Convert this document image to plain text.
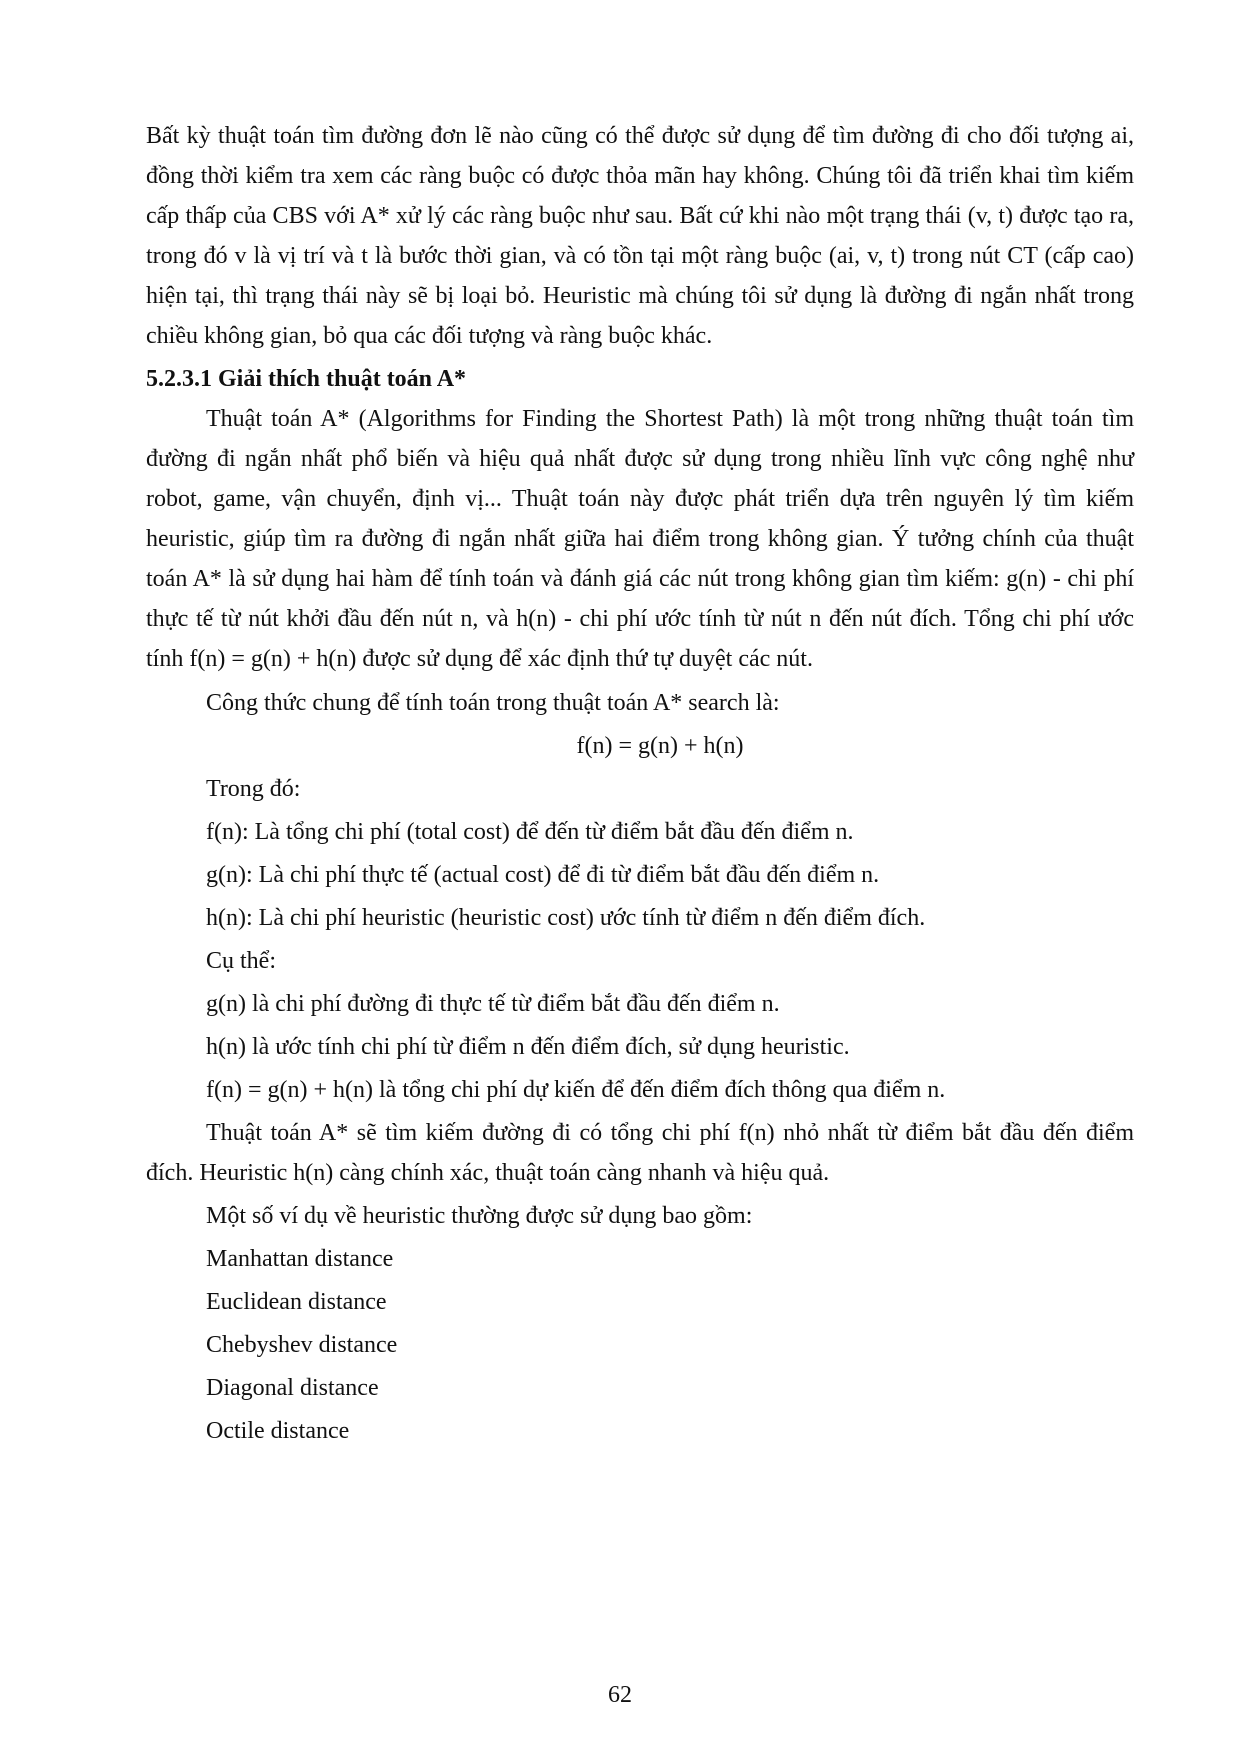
Bất kỳ thuật toán tìm đường đơn lẽ nào cũng có thể được sử dụng để tìm đường đi cho đối tượng ai, đồng thời kiểm tra xem các ràng buộc có được thỏa mãn hay không. Chúng tôi đã triển khai tìm kiếm cấp thấp của CBS với A* xử lý các ràng buộc như sau. Bất cứ khi nào một trạng thái (v, t) được tạo ra, trong đó v là vị trí và t là bước thời gian, và có tồn tại một ràng buộc (ai, v, t) trong nút CT (cấp cao) hiện tại, thì trạng thái này sẽ bị loại bỏ. Heuristic mà chúng tôi sử dụng là đường đi ngắn nhất trong chiều không gian, bỏ qua các đối tượng và ràng buộc khác.

5.2.3.1 Giải thích thuật toán A*

Thuật toán A* (Algorithms for Finding the Shortest Path) là một trong những thuật toán tìm đường đi ngắn nhất phổ biến và hiệu quả nhất được sử dụng trong nhiều lĩnh vực công nghệ như robot, game, vận chuyển, định vị... Thuật toán này được phát triển dựa trên nguyên lý tìm kiếm heuristic, giúp tìm ra đường đi ngắn nhất giữa hai điểm trong không gian. Ý tưởng chính của thuật toán A* là sử dụng hai hàm để tính toán và đánh giá các nút trong không gian tìm kiếm: g(n) - chi phí thực tế từ nút khởi đầu đến nút n, và h(n) - chi phí ước tính từ nút n đến nút đích. Tổng chi phí ước tính f(n) = g(n) + h(n) được sử dụng để xác định thứ tự duyệt các nút.

Công thức chung để tính toán trong thuật toán A* search là:

f(n) = g(n) + h(n)

Trong đó:

f(n): Là tổng chi phí (total cost) để đến từ điểm bắt đầu đến điểm n.

g(n): Là chi phí thực tế (actual cost) để đi từ điểm bắt đầu đến điểm n.

h(n): Là chi phí heuristic (heuristic cost) ước tính từ điểm n đến điểm đích.

Cụ thể:

g(n) là chi phí đường đi thực tế từ điểm bắt đầu đến điểm n.

h(n) là ước tính chi phí từ điểm n đến điểm đích, sử dụng heuristic.

f(n) = g(n) + h(n) là tổng chi phí dự kiến để đến điểm đích thông qua điểm n.

Thuật toán A* sẽ tìm kiếm đường đi có tổng chi phí f(n) nhỏ nhất từ điểm bắt đầu đến điểm đích. Heuristic h(n) càng chính xác, thuật toán càng nhanh và hiệu quả.

Một số ví dụ về heuristic thường được sử dụng bao gồm:

Manhattan distance

Euclidean distance

Chebyshev distance

Diagonal distance

Octile distance

62
